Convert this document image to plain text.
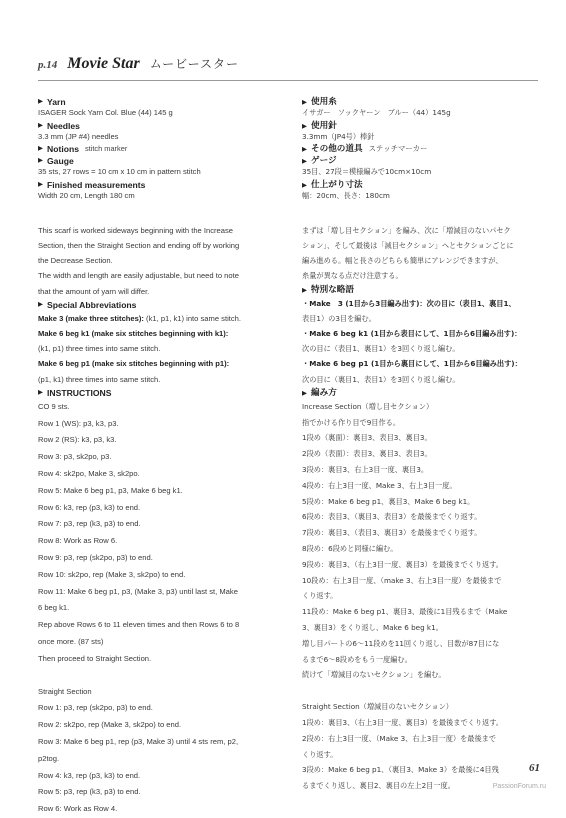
p.14 Movie Star ムービースター
▶ Yarn
ISAGER Sock Yarn Col. Blue (44) 145 g
▶ Needles
3.3 mm (JP #4) needles
▶ Notions stitch marker
▶ Gauge
35 sts, 27 rows = 10 cm x 10 cm in pattern stitch
▶ Finished measurements
Width 20 cm, Length 180 cm
This scarf is worked sideways beginning with the Increase
Section, then the Straight Section and ending off by working
the Decrease Section.
The width and length are easily adjustable, but need to note
that the amount of yarn will differ.
▶ Special Abbreviations
Make 3 (make three stitches): (k1, p1, k1) into same stitch.
Make 6 beg k1 (make six stitches beginning with k1):
(k1, p1) three times into same stitch.
Make 6 beg p1 (make six stitches beginning with p1):
(p1, k1) three times into same stitch.
▶ INSTRUCTIONS
CO 9 sts.
Row 1 (WS): p3, k3, p3.
Row 2 (RS): k3, p3, k3.
Row 3: p3, sk2po, p3.
Row 4: sk2po, Make 3, sk2po.
Row 5: Make 6 beg p1, p3, Make 6 beg k1.
Row 6: k3, rep (p3, k3) to end.
Row 7: p3, rep (k3, p3) to end.
Row 8: Work as Row 6.
Row 9: p3, rep (sk2po, p3) to end.
Row 10: sk2po, rep (Make 3, sk2po) to end.
Row 11: Make 6 beg p1, p3, (Make 3, p3) until last st, Make
6 beg k1.
Rep above Rows 6 to 11 eleven times and then Rows 6 to 8
once more. (87 sts)
Then proceed to Straight Section.
Straight Section
Row 1: p3, rep (sk2po, p3) to end.
Row 2: sk2po, rep (Make 3, sk2po) to end.
Row 3: Make 6 beg p1, rep (p3, Make 3) until 4 sts rem, p2,
p2tog.
Row 4: k3, rep (p3, k3) to end.
Row 5: p3, rep (k3, p3) to end.
Row 6: Work as Row 4.
▶ 使用糸
イサガー　ソックヤーン　ブルー（44）145g
▶ 使用針
3.3mm（JP4号）棒針
▶ その他の道具 ステッチマーカー
▶ ゲージ
35目、27段＝模様編みで10cm×10cm
▶ 仕上がり寸法
幅：20cm、長さ：180cm
まずは「増し目セクション」を編み、次に「増減目のないパセク
ション」、そして最後は「減目セクション」へとセクションごとに
編み進める。幅と長さのどちらも簡単にアレンジできますが、
糸量が異なる点だけ注意する。
▶ 特別な略語
・Make　3 (1目から3目編み出す)：次の目に（表目1、裏目1、
表目1）の3目を編む。
・Make 6 beg k1 (1目から表目にして、1目から6目編み出す)：
次の目に（表目1、裏目1）を3回くり返し編む。
・Make 6 beg p1 (1目から裏目にして、1目から6目編み出す)：
次の目に（裏目1、表目1）を3回くり返し編む。
▶ 編み方
Increase Section（増し目セクション）
指でかける作り目で9目作る。
1段め（裏面）：裏目3、表目3、裏目3。
2段め（表面）：表目3、裏目3、表目3。
3段め：裏目3、右上3目一度、裏目3。
4段め：右上3目一度、Make 3、右上3目一度。
5段め：Make 6 beg p1、裏目3、Make 6 beg k1。
6段め：表目3、（裏目3、表目3）を最後までくり返す。
7段め：裏目3、（表目3、裏目3）を最後までくり返す。
8段め：6段めと同様に編む。
9段め：裏目3、（右上3目一度、裏目3）を最後までくり返す。
10段め：右上3目一度、（make 3、右上3目一度）を最後まで
くり返す。
11段め：Make 6 beg p1、裏目3、最後に1目残るまで（Make
3、裏目3）をくり返し、Make 6 beg k1。
増し目パートの6〜11段めを11回くり返し、目数が87目にな
るまで6〜8段めをもう一度編む。
続けて「増減目のないセクション」を編む。
Straight Section（増減目のないセクション）
1段め：裏目3、（右上3目一度、裏目3）を最後までくり返す。
2段め：右上3目一度、（Make 3、右上3目一度）を最後まで
くり返す。
3段め：Make 6 beg p1、（裏目3、Make 3）を最後に4目残
るまでくり返し、裏目2、裏目の左上2目一度。
61
PassionForum.ru
